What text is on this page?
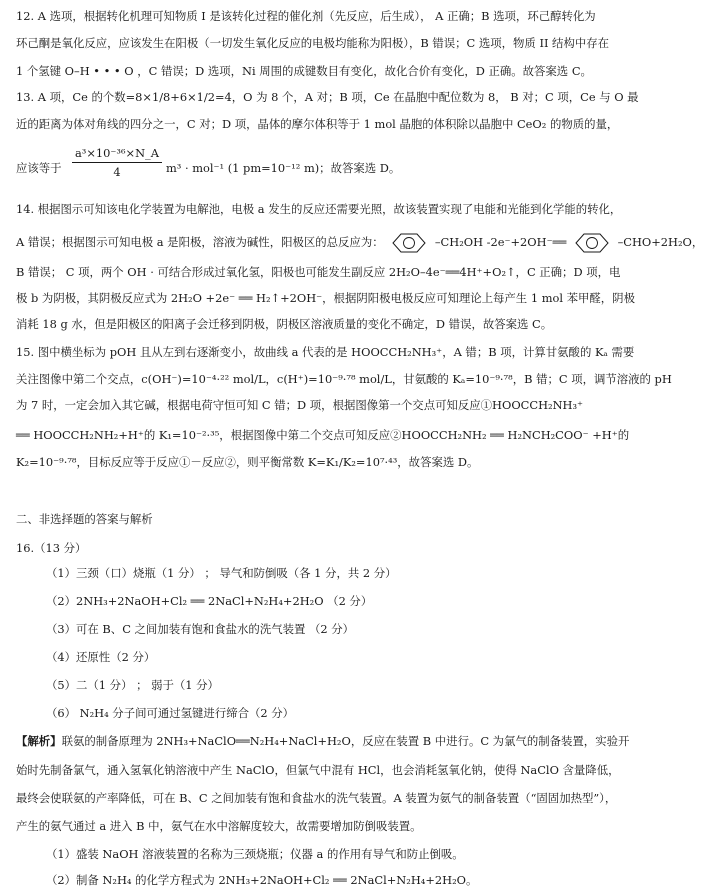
12. A 选项，根据转化机理可知物质 I 是该转化过程的催化剂（先反应，后生成）， A 正确；B 选项，环己醇转化为
环己酮是氧化反应，应该发生在阳极（一切发生氧化反应的电极均能称为阳极），B 错误；C 选项，物质 II 结构中存在
1 个氢键 O–H • • • O ，C 错误；D 选项，Ni 周围的成键数目有变化，故化合价有变化，D 正确。故答案选 C。
13. A 项，Ce 的个数=8×1/8+6×1/2=4，O 为 8 个，A 对；B 项，Ce 在晶胞中配位数为 8， B 对；C 项，Ce 与 O 最
近的距离为体对角线的四分之一，C 对；D 项，晶体的摩尔体积等于 1 mol 晶胞的体积除以晶胞中 CeO₂ 的物质的量，
a³×10⁻³⁶×N_A
4
应该等于	m³ · mol⁻¹ (1 pm=10⁻¹² m)；故答案选 D。
14. 根据图示可知该电化学装置为电解池，电极 a 发生的反应还需要光照，故该装置实现了电能和光能到化学能的转化，
A 错误；根据图示可知电极 a 是阳极，溶液为碱性，阳极区的总反应为：	–CH₂OH -2e⁻+2OH⁻══	–CHO+2H₂O，
B 错误； C 项，两个 OH · 可结合形成过氧化氢，阳极也可能发生副反应 2H₂O–4e⁻══4H⁺+O₂↑，C 正确；D 项，电
极 b 为阴极，其阴极反应式为 2H₂O +2e⁻ ══ H₂↑+2OH⁻，根据阴阳极电极反应可知理论上每产生 1 mol 苯甲醛，阴极
消耗 18 g 水，但是阳极区的阳离子会迁移到阴极，阴极区溶液质量的变化不确定，D 错误，故答案选 C。
15. 图中横坐标为 pOH 且从左到右逐渐变小，故曲线 a 代表的是 HOOCCH₂NH₃⁺，A 错；B 项，计算甘氨酸的 Kₐ 需要
关注图像中第二个交点，c(OH⁻)=10⁻⁴·²² mol/L，c(H⁺)=10⁻⁹·⁷⁸ mol/L，甘氨酸的 Kₐ=10⁻⁹·⁷⁸，B 错；C 项，调节溶液的 pH
为 7 时，一定会加入其它碱，根据电荷守恒可知 C 错；D 项，根据图像第一个交点可知反应①HOOCCH₂NH₃⁺
══ HOOCCH₂NH₂+H⁺的 K₁=10⁻²·³⁵，根据图像中第二个交点可知反应②HOOCCH₂NH₂ ══ H₂NCH₂COO⁻ +H⁺的
K₂=10⁻⁹·⁷⁸，目标反应等于反应①－反应②，则平衡常数 K=K₁/K₂=10⁷·⁴³，故答案选 D。
二、非选择题的答案与解析
16.（13 分）
（1）三颈（口）烧瓶（1 分） ； 导气和防倒吸（各 1 分，共 2 分）
（2）2NH₃+2NaOH+Cl₂ ══ 2NaCl+N₂H₄+2H₂O （2 分）
（3）可在 B、C 之间加装有饱和食盐水的洗气装置 （2 分）
（4）还原性（2 分）
（5）二（1 分） ； 弱于（1 分）
（6） N₂H₄ 分子间可通过氢键进行缔合（2 分）
【解析】联氨的制备原理为 2NH₃+NaClO══N₂H₄+NaCl+H₂O，反应在装置 B 中进行。C 为氯气的制备装置，实验开
始时先制备氯气，通入氢氧化钠溶液中产生 NaClO，但氯气中混有 HCl，也会消耗氢氧化钠，使得 NaClO 含量降低，
最终会使联氨的产率降低，可在 B、C 之间加装有饱和食盐水的洗气装置。A 装置为氨气的制备装置（“固固加热型”），
产生的氨气通过 a 进入 B 中，氨气在水中溶解度较大，故需要增加防倒吸装置。
（1）盛装 NaOH 溶液装置的名称为三颈烧瓶；仪器 a 的作用有导气和防止倒吸。
（2）制备 N₂H₄ 的化学方程式为 2NH₃+2NaOH+Cl₂ ══ 2NaCl+N₂H₄+2H₂O。
